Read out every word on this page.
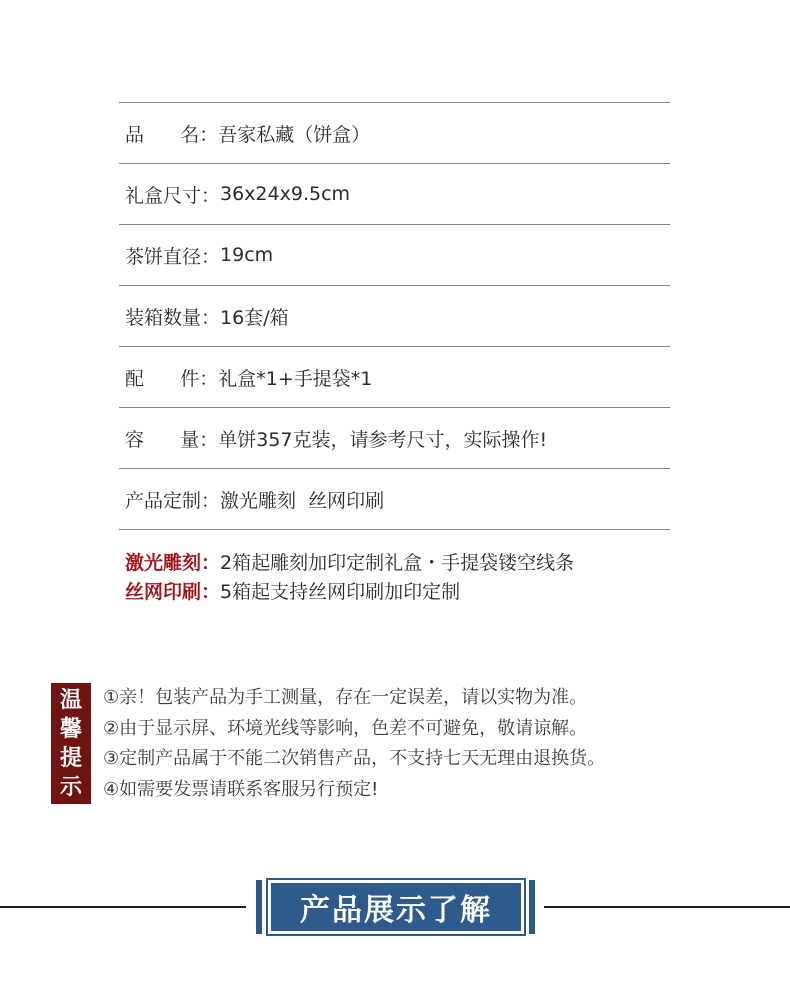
品      名： 吾家私藏（饼盒）
礼盒尺寸： 36x24x9.5cm
茶饼直径： 19cm
装箱数量： 16套/箱
配      件： 礼盒*1+手提袋*1
容      量： 单饼357克装，请参考尺寸，实际操作!
产品定制： 激光雕刻  丝网印刷
激光雕刻：2箱起雕刻加印定制礼盒・手提袋镂空线条
丝网印刷：5箱起支持丝网印刷加印定制
温
馨
提
示
①亲！包装产品为手工测量，存在一定误差，请以实物为准。
②由于显示屏、环境光线等影响，色差不可避免，敬请谅解。
③定制产品属于不能二次销售产品，不支持七天无理由退换货。
④如需要发票请联系客服另行预定!
产品展示了解
